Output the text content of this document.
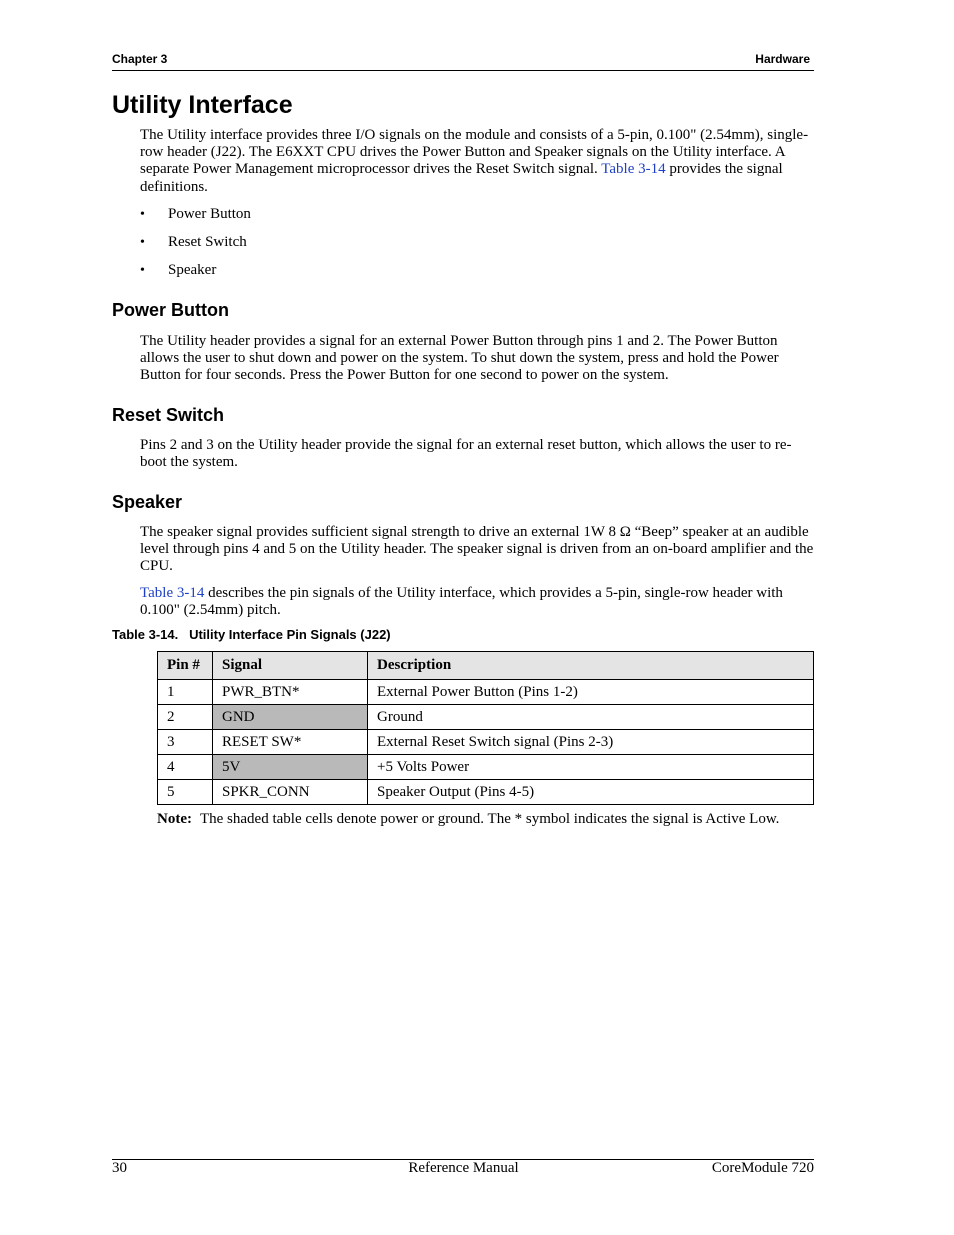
Chapter 3	Hardware
Utility Interface

The Utility interface provides three I/O signals on the module and consists of a 5-pin, 0.100" (2.54mm), single-row header (J22). The E6XXT CPU drives the Power Button and Speaker signals on the Utility interface. A separate Power Management microprocessor drives the Reset Switch signal. Table 3-14 provides the signal definitions.

• Power Button
• Reset Switch
• Speaker
Power Button

The Utility header provides a signal for an external Power Button through pins 1 and 2. The Power Button allows the user to shut down and power on the system. To shut down the system, press and hold the Power Button for four seconds. Press the Power Button for one second to power on the system.

Reset Switch

Pins 2 and 3 on the Utility header provide the signal for an external reset button, which allows the user to re-boot the system.

Speaker

The speaker signal provides sufficient signal strength to drive an external 1W 8 Ω “Beep” speaker at an audible level through pins 4 and 5 on the Utility header. The speaker signal is driven from an on-board amplifier and the CPU.

Table 3-14 describes the pin signals of the Utility interface, which provides a 5-pin, single-row header with 0.100" (2.54mm) pitch.

Table 3-14.   Utility Interface Pin Signals (J22)
Pin #	Signal	Description
1	PWR_BTN*	External Power Button (Pins 1-2)
2	GND	Ground
3	RESET SW*	External Reset Switch signal (Pins 2-3)
4	5V	+5 Volts Power
5	SPKR_CONN	Speaker Output (Pins 4-5)
Note: The shaded table cells denote power or ground. The * symbol indicates the signal is Active Low.
30	Reference Manual	CoreModule 720
